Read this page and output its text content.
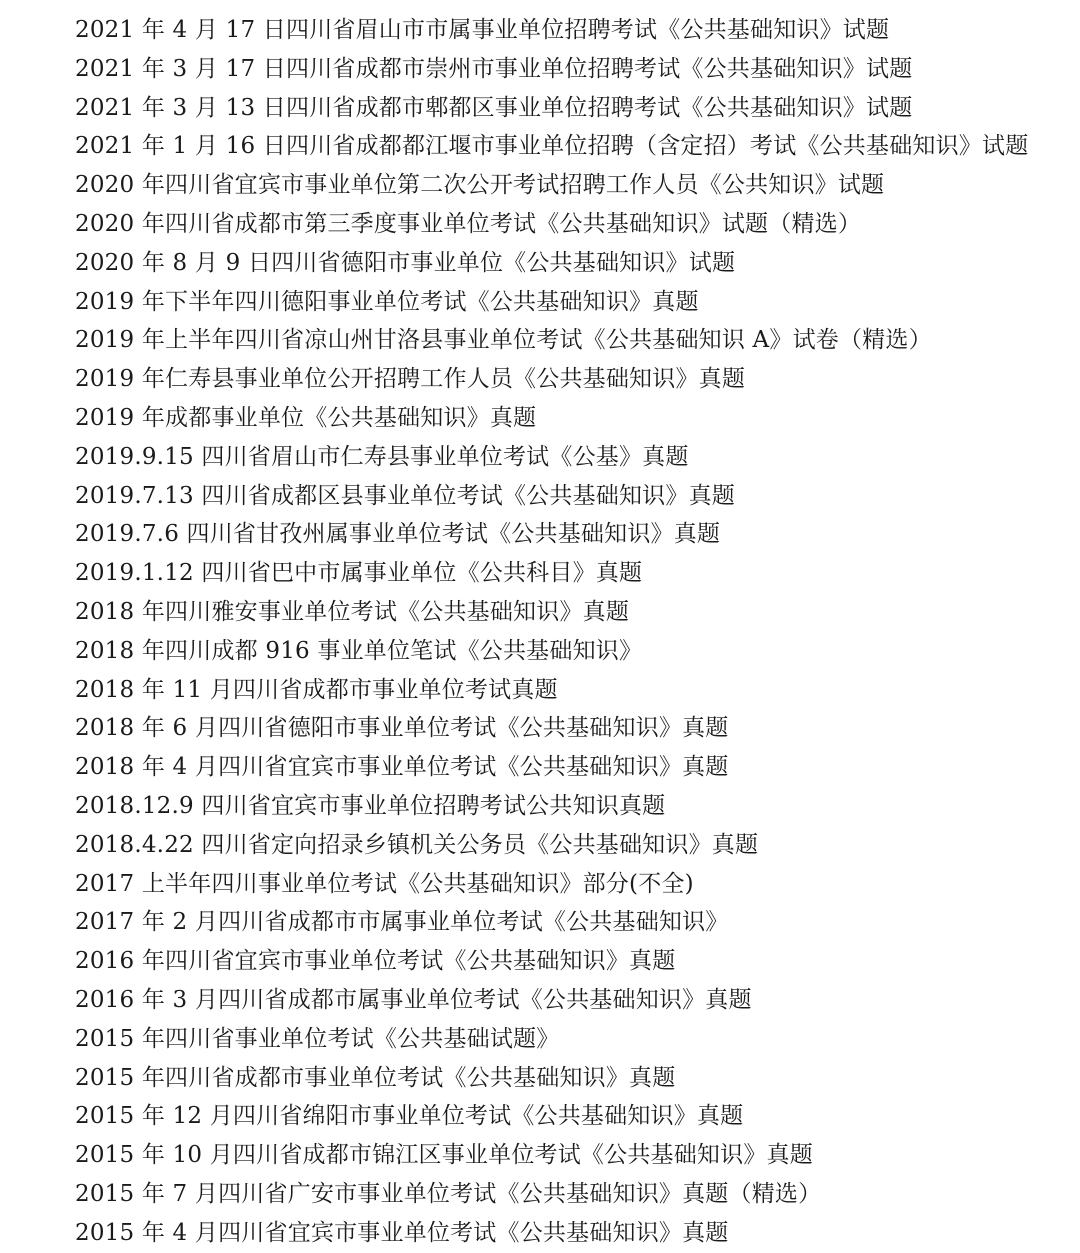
2021 年 4 月 17 日四川省眉山市市属事业单位招聘考试《公共基础知识》试题
2021 年 3 月 17 日四川省成都市崇州市事业单位招聘考试《公共基础知识》试题
2021 年 3 月 13 日四川省成都市郫都区事业单位招聘考试《公共基础知识》试题
2021 年 1 月 16 日四川省成都都江堰市事业单位招聘（含定招）考试《公共基础知识》试题
2020 年四川省宜宾市事业单位第二次公开考试招聘工作人员《公共知识》试题
2020 年四川省成都市第三季度事业单位考试《公共基础知识》试题（精选）
2020 年 8 月 9 日四川省德阳市事业单位《公共基础知识》试题
2019 年下半年四川德阳事业单位考试《公共基础知识》真题
2019 年上半年四川省凉山州甘洛县事业单位考试《公共基础知识 A》试卷（精选）
2019 年仁寿县事业单位公开招聘工作人员《公共基础知识》真题
2019 年成都事业单位《公共基础知识》真题
2019.9.15 四川省眉山市仁寿县事业单位考试《公基》真题
2019.7.13 四川省成都区县事业单位考试《公共基础知识》真题
2019.7.6 四川省甘孜州属事业单位考试《公共基础知识》真题
2019.1.12 四川省巴中市属事业单位《公共科目》真题
2018 年四川雅安事业单位考试《公共基础知识》真题
2018 年四川成都 916 事业单位笔试《公共基础知识》
2018 年 11 月四川省成都市事业单位考试真题
2018 年 6 月四川省德阳市事业单位考试《公共基础知识》真题
2018 年 4 月四川省宜宾市事业单位考试《公共基础知识》真题
2018.12.9 四川省宜宾市事业单位招聘考试公共知识真题
2018.4.22 四川省定向招录乡镇机关公务员《公共基础知识》真题
2017 上半年四川事业单位考试《公共基础知识》部分(不全)
2017 年 2 月四川省成都市市属事业单位考试《公共基础知识》
2016 年四川省宜宾市事业单位考试《公共基础知识》真题
2016 年 3 月四川省成都市属事业单位考试《公共基础知识》真题
2015 年四川省事业单位考试《公共基础试题》
2015 年四川省成都市事业单位考试《公共基础知识》真题
2015 年 12 月四川省绵阳市事业单位考试《公共基础知识》真题
2015 年 10 月四川省成都市锦江区事业单位考试《公共基础知识》真题
2015 年 7 月四川省广安市事业单位考试《公共基础知识》真题（精选）
2015 年 4 月四川省宜宾市事业单位考试《公共基础知识》真题
